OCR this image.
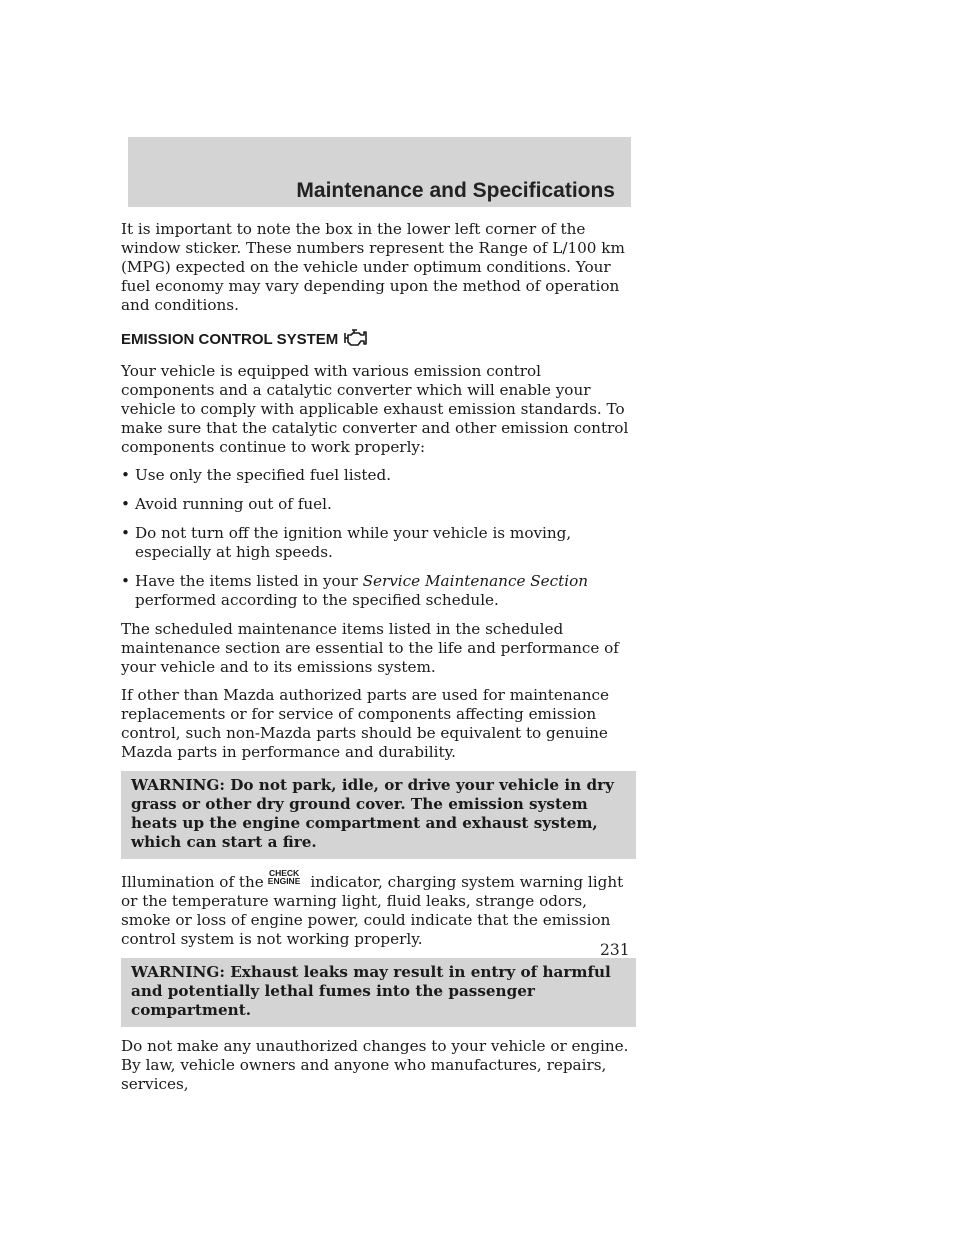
Maintenance and Specifications

It is important to note the box in the lower left corner of the window sticker. These numbers represent the Range of L/100 km (MPG) expected on the vehicle under optimum conditions. Your fuel economy may vary depending upon the method of operation and conditions.

EMISSION CONTROL SYSTEM

Your vehicle is equipped with various emission control components and a catalytic converter which will enable your vehicle to comply with applicable exhaust emission standards. To make sure that the catalytic converter and other emission control components continue to work properly:

• Use only the specified fuel listed.
• Avoid running out of fuel.
• Do not turn off the ignition while your vehicle is moving, especially at high speeds.
• Have the items listed in your Service Maintenance Section performed according to the specified schedule.

The scheduled maintenance items listed in the scheduled maintenance section are essential to the life and performance of your vehicle and to its emissions system.

If other than Mazda authorized parts are used for maintenance replacements or for service of components affecting emission control, such non-Mazda parts should be equivalent to genuine Mazda parts in performance and durability.

WARNING: Do not park, idle, or drive your vehicle in dry grass or other dry ground cover. The emission system heats up the engine compartment and exhaust system, which can start a fire.

Illumination of the CHECK
ENGINE indicator, charging system warning light or the temperature warning light, fluid leaks, strange odors, smoke or loss of engine power, could indicate that the emission control system is not working properly.

WARNING: Exhaust leaks may result in entry of harmful and potentially lethal fumes into the passenger compartment.

Do not make any unauthorized changes to your vehicle or engine. By law, vehicle owners and anyone who manufactures, repairs, services,

231
